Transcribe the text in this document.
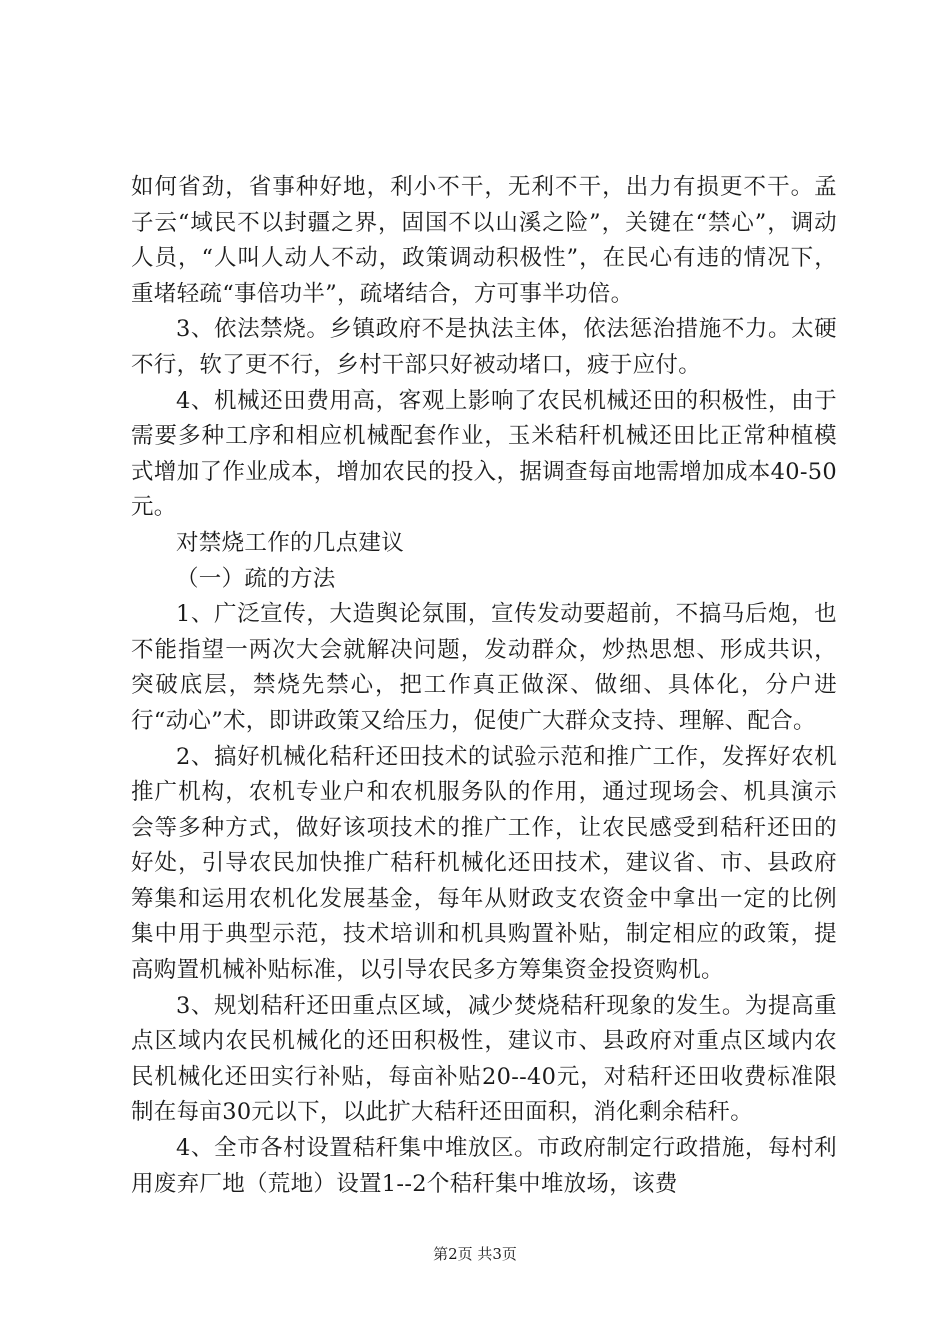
如何省劲，省事种好地，利小不干，无利不干，出力有损更不干。孟子云“域民不以封疆之界，固国不以山溪之险”，关键在“禁心”，调动人员，“人叫人动人不动，政策调动积极性”，在民心有违的情况下，重堵轻疏“事倍功半”，疏堵结合，方可事半功倍。

3、依法禁烧。乡镇政府不是执法主体，依法惩治措施不力。太硬不行，软了更不行，乡村干部只好被动堵口，疲于应付。

4、机械还田费用高，客观上影响了农民机械还田的积极性，由于需要多种工序和相应机械配套作业，玉米秸秆机械还田比正常种植模式增加了作业成本，增加农民的投入，据调查每亩地需增加成本40-50元。

对禁烧工作的几点建议

（一）疏的方法

1、广泛宣传，大造舆论氛围，宣传发动要超前，不搞马后炮，也不能指望一两次大会就解决问题，发动群众，炒热思想、形成共识，突破底层，禁烧先禁心，把工作真正做深、做细、具体化，分户进行“动心”术，即讲政策又给压力，促使广大群众支持、理解、配合。

2、搞好机械化秸秆还田技术的试验示范和推广工作，发挥好农机推广机构，农机专业户和农机服务队的作用，通过现场会、机具演示会等多种方式，做好该项技术的推广工作，让农民感受到秸秆还田的好处，引导农民加快推广秸秆机械化还田技术，建议省、市、县政府筹集和运用农机化发展基金，每年从财政支农资金中拿出一定的比例集中用于典型示范，技术培训和机具购置补贴，制定相应的政策，提高购置机械补贴标准，以引导农民多方筹集资金投资购机。

3、规划秸秆还田重点区域，减少焚烧秸秆现象的发生。为提高重点区域内农民机械化的还田积极性，建议市、县政府对重点区域内农民机械化还田实行补贴，每亩补贴20--40元，对秸秆还田收费标准限制在每亩30元以下，以此扩大秸秆还田面积，消化剩余秸秆。

4、全市各村设置秸秆集中堆放区。市政府制定行政措施，每村利用废弃厂地（荒地）设置1--2个秸秆集中堆放场，该费

第2页 共3页
